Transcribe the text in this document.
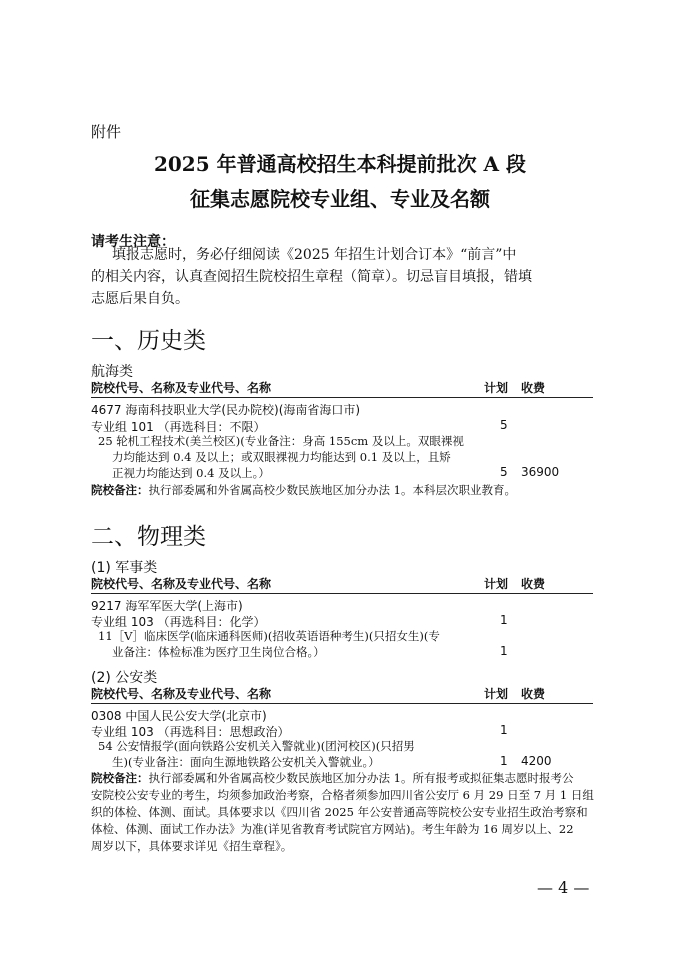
附件
2025 年普通高校招生本科提前批次 A 段
征集志愿院校专业组、专业及名额
请考生注意：
填报志愿时，务必仔细阅读《2025 年招生计划合订本》“前言”中
的相关内容，认真查阅招生院校招生章程（简章）。切忌盲目填报，错填
志愿后果自负。
一、历史类
航海类
院校代号、名称及专业代号、名称	计划 收费
4677 海南科技职业大学(民办院校)(海南省海口市)
专业组 101 （再选科目：不限）	5
25 轮机工程技术(美兰校区)(专业备注：身高 155cm 及以上。双眼裸视
力均能达到 0.4 及以上；或双眼裸视力均能达到 0.1 及以上，且矫
正视力均能达到 0.4 及以上。）	5 36900
院校备注：执行部委属和外省属高校少数民族地区加分办法 1。本科层次职业教育。
二、物理类
(1) 军事类
院校代号、名称及专业代号、名称	计划 收费
9217 海军军医大学(上海市)
专业组 103 （再选科目：化学）	1
11［V］临床医学(临床通科医师)(招收英语语种考生)(只招女生)(专
业备注：体检标准为医疗卫生岗位合格。）	1
(2) 公安类
院校代号、名称及专业代号、名称	计划 收费
0308 中国人民公安大学(北京市)
专业组 103 （再选科目：思想政治）	1
54 公安情报学(面向铁路公安机关入警就业)(团河校区)(只招男
生)(专业备注：面向生源地铁路公安机关入警就业。）	1 4200
院校备注：执行部委属和外省属高校少数民族地区加分办法 1。所有报考或拟征集志愿时报考公
安院校公安专业的考生，均须参加政治考察，合格者须参加四川省公安厅 6 月 29 日至 7 月 1 日组
织的体检、体测、面试。具体要求以《四川省 2025 年公安普通高等院校公安专业招生政治考察和
体检、体测、面试工作办法》为准(详见省教育考试院官方网站)。考生年龄为 16 周岁以上、22
周岁以下，具体要求详见《招生章程》。
— 4 —
